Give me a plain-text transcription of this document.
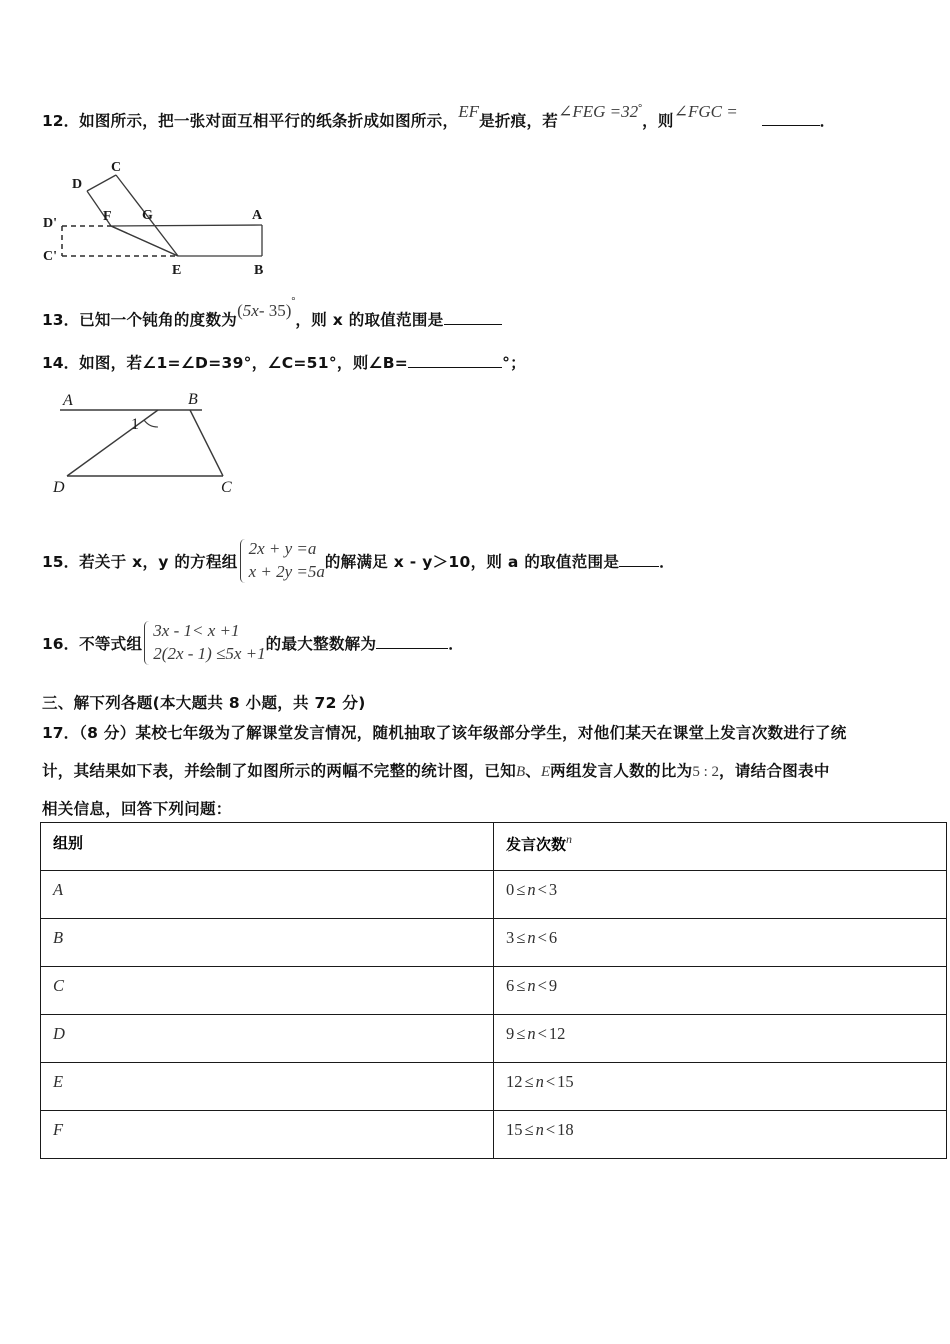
12．如图所示，把一张对面互相平行的纸条折成如图所示，EF是折痕，若∠FEG =32°，则∠FGC =	．
C
D
F G	A
D'
C'
E	B
13．已知一个钝角的度数为(5x- 35)°，则 x 的取值范围是
14．如图，若∠1=∠D=39°，∠C=51°，则∠B=	°；
A	B
1
D	C
15．若关于 x，y 的方程组
2x + y =a
x + 2y =5a 的解满足 x - y＞10，则 a 的取值范围是	．
16．不等式组
3x - 1< x +1
2(2x - 1) ≤5x +1 的最大整数解为	．
三、解下列各题(本大题共 8 小题，共 72 分)
17．（8 分）某校七年级为了解课堂发言情况，随机抽取了该年级部分学生，对他们某天在课堂上发言次数进行了统
计，其结果如下表，并绘制了如图所示的两幅不完整的统计图，已知B、E两组发言人数的比为5 : 2，请结合图表中
相关信息，回答下列问题：
组别	发言次数$^n$
A	0 ≤ n < 3
B	3 ≤ n < 6
C	6 ≤ n < 9
D	9 ≤ n < 12
E	12 ≤ n < 15
F	15 ≤ n < 18
